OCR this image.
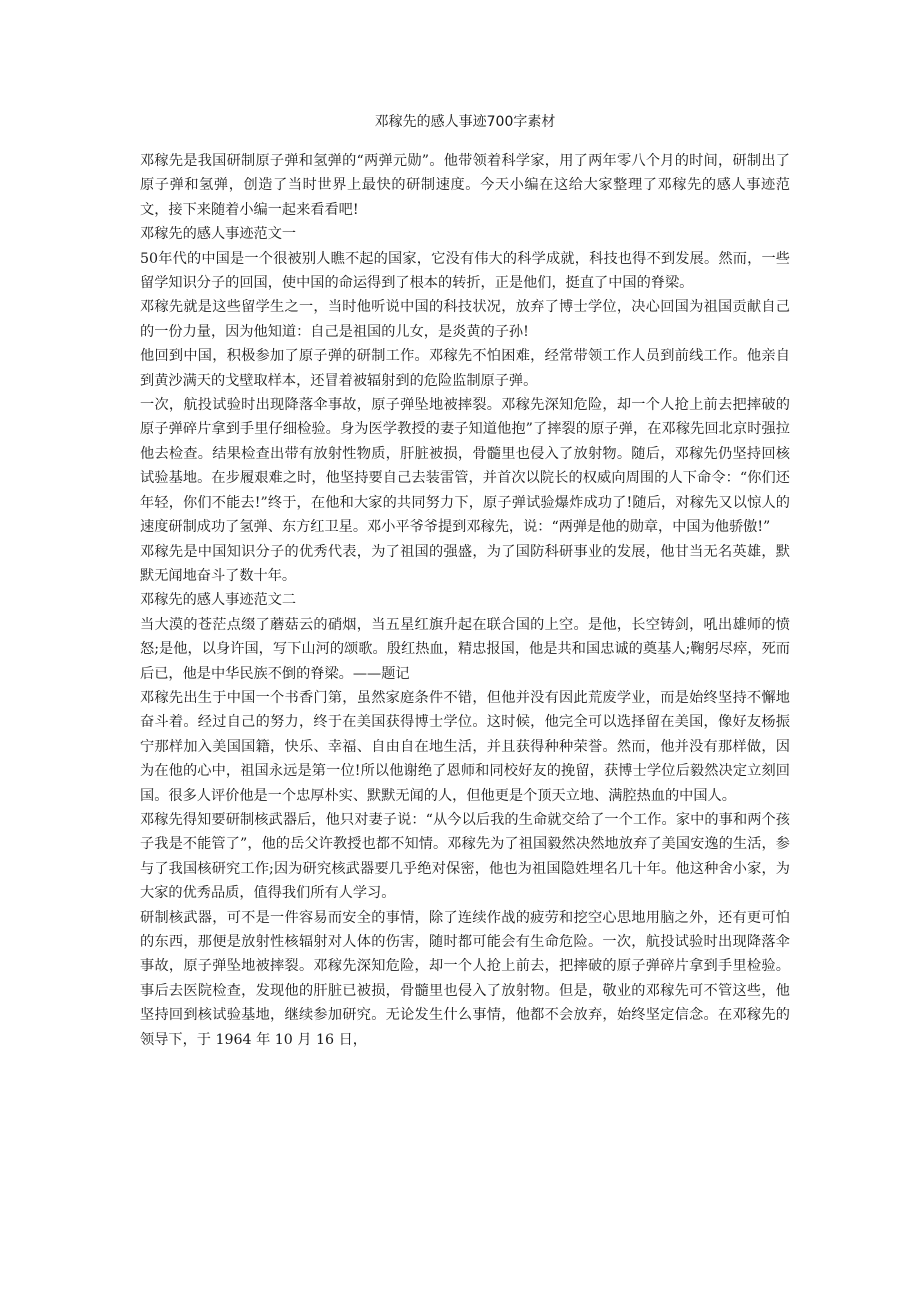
邓稼先的感人事迹700字素材

邓稼先是我国研制原子弹和氢弹的“两弹元勋”。他带领着科学家，用了两年零八个月的时间，研制出了原子弹和氢弹，创造了当时世界上最快的研制速度。今天小编在这给大家整理了邓稼先的感人事迹范文，接下来随着小编一起来看看吧!

邓稼先的感人事迹范文一

50年代的中国是一个很被别人瞧不起的国家，它没有伟大的科学成就，科技也得不到发展。然而，一些留学知识分子的回国，使中国的命运得到了根本的转折，正是他们，挺直了中国的脊梁。

邓稼先就是这些留学生之一，当时他听说中国的科技状况，放弃了博士学位，决心回国为祖国贡献自己的一份力量，因为他知道：自己是祖国的儿女，是炎黄的子孙!

他回到中国，积极参加了原子弹的研制工作。邓稼先不怕困难，经常带领工作人员到前线工作。他亲自到黄沙满天的戈壁取样本，还冒着被辐射到的危险监制原子弹。

一次，航投试验时出现降落伞事故，原子弹坠地被摔裂。邓稼先深知危险，却一个人抢上前去把摔破的原子弹碎片拿到手里仔细检验。身为医学教授的妻子知道他抱”了摔裂的原子弹，在邓稼先回北京时强拉他去检查。结果检查出带有放射性物质，肝脏被损，骨髓里也侵入了放射物。随后，邓稼先仍坚持回核试验基地。在步履艰难之时，他坚持要自己去装雷管，并首次以院长的权威向周围的人下命令：“你们还年轻，你们不能去!”终于，在他和大家的共同努力下，原子弹试验爆炸成功了!随后，对稼先又以惊人的速度研制成功了氢弹、东方红卫星。邓小平爷爷提到邓稼先，说：“两弹是他的勋章，中国为他骄傲!”

邓稼先是中国知识分子的优秀代表，为了祖国的强盛，为了国防科研事业的发展，他甘当无名英雄，默默无闻地奋斗了数十年。

邓稼先的感人事迹范文二

当大漠的苍茫点缀了蘑菇云的硝烟，当五星红旗升起在联合国的上空。是他，长空铸剑，吼出雄师的愤怒;是他，以身许国，写下山河的颂歌。殷红热血，精忠报国，他是共和国忠诚的奠基人;鞠躬尽瘁，死而后已，他是中华民族不倒的脊梁。——题记

邓稼先出生于中国一个书香门第，虽然家庭条件不错，但他并没有因此荒废学业，而是始终坚持不懈地奋斗着。经过自己的努力，终于在美国获得博士学位。这时候，他完全可以选择留在美国，像好友杨振宁那样加入美国国籍，快乐、幸福、自由自在地生活，并且获得种种荣誉。然而，他并没有那样做，因为在他的心中，祖国永远是第一位!所以他谢绝了恩师和同校好友的挽留，获博士学位后毅然决定立刻回国。很多人评价他是一个忠厚朴实、默默无闻的人，但他更是个顶天立地、满腔热血的中国人。

邓稼先得知要研制核武器后，他只对妻子说：“从今以后我的生命就交给了一个工作。家中的事和两个孩子我是不能管了”，他的岳父许教授也都不知情。邓稼先为了祖国毅然决然地放弃了美国安逸的生活，参与了我国核研究工作;因为研究核武器要几乎绝对保密，他也为祖国隐姓埋名几十年。他这种舍小家，为大家的优秀品质，值得我们所有人学习。

研制核武器，可不是一件容易而安全的事情，除了连续作战的疲劳和挖空心思地用脑之外，还有更可怕的东西，那便是放射性核辐射对人体的伤害，随时都可能会有生命危险。一次，航投试验时出现降落伞事故，原子弹坠地被摔裂。邓稼先深知危险，却一个人抢上前去，把摔破的原子弹碎片拿到手里检验。事后去医院检查，发现他的肝脏已被损，骨髓里也侵入了放射物。但是，敬业的邓稼先可不管这些，他坚持回到核试验基地，继续参加研究。无论发生什么事情，他都不会放弃，始终坚定信念。在邓稼先的领导下，于 1964 年 10 月 16 日，
